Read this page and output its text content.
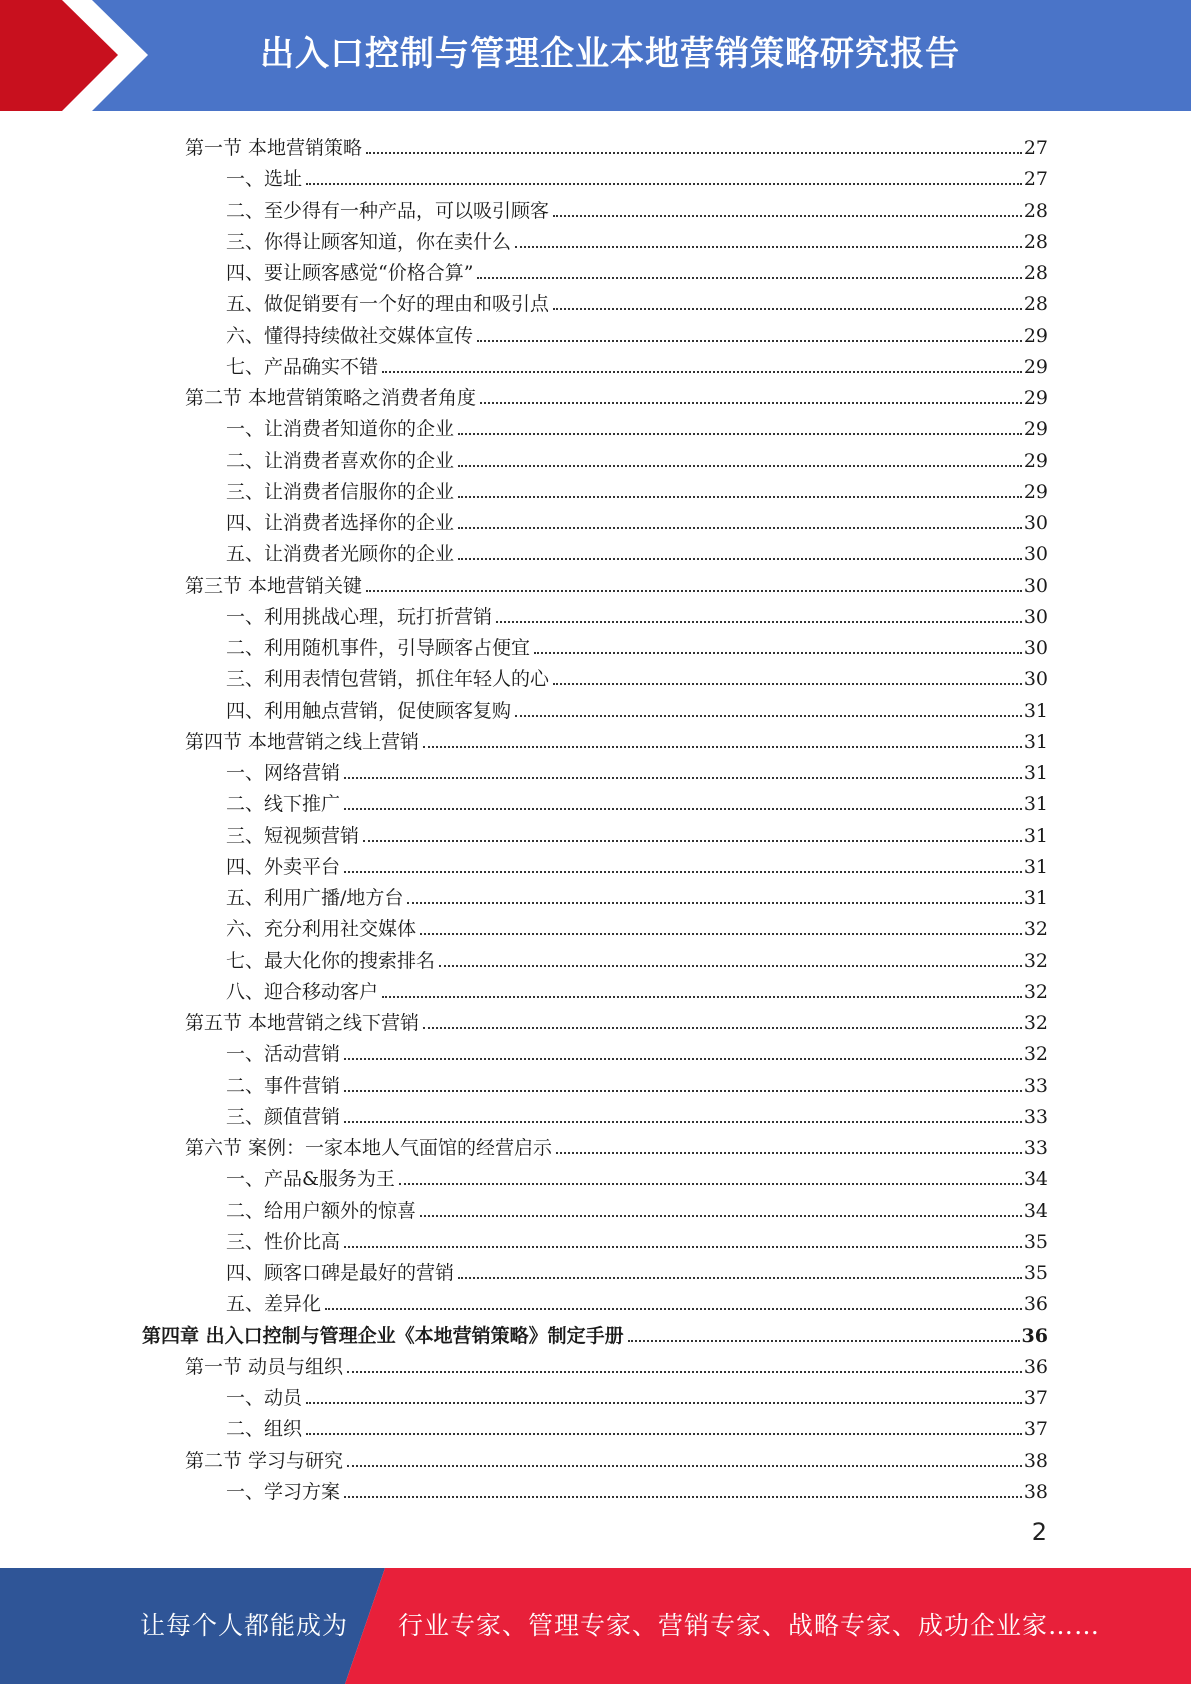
出入口控制与管理企业本地营销策略研究报告
第一节 本地营销策略	27
一、选址	27
二、至少得有一种产品，可以吸引顾客	28
三、你得让顾客知道，你在卖什么	28
四、要让顾客感觉“价格合算”	28
五、做促销要有一个好的理由和吸引点	28
六、懂得持续做社交媒体宣传	29
七、产品确实不错	29
第二节 本地营销策略之消费者角度	29
一、让消费者知道你的企业	29
二、让消费者喜欢你的企业	29
三、让消费者信服你的企业	29
四、让消费者选择你的企业	30
五、让消费者光顾你的企业	30
第三节 本地营销关键	30
一、利用挑战心理，玩打折营销	30
二、利用随机事件，引导顾客占便宜	30
三、利用表情包营销，抓住年轻人的心	30
四、利用触点营销，促使顾客复购	31
第四节 本地营销之线上营销	31
一、网络营销	31
二、线下推广	31
三、短视频营销	31
四、外卖平台	31
五、利用广播/地方台	31
六、充分利用社交媒体	32
七、最大化你的搜索排名	32
八、迎合移动客户	32
第五节 本地营销之线下营销	32
一、活动营销	32
二、事件营销	33
三、颜值营销	33
第六节 案例：一家本地人气面馆的经营启示	33
一、产品&服务为王	34
二、给用户额外的惊喜	34
三、性价比高	35
四、顾客口碑是最好的营销	35
五、差异化	36
第四章 出入口控制与管理企业《本地营销策略》制定手册	36
第一节 动员与组织	36
一、动员	37
二、组织	37
第二节 学习与研究	38
一、学习方案	38
2
让每个人都能成为 行业专家、管理专家、营销专家、战略专家、成功企业家……
